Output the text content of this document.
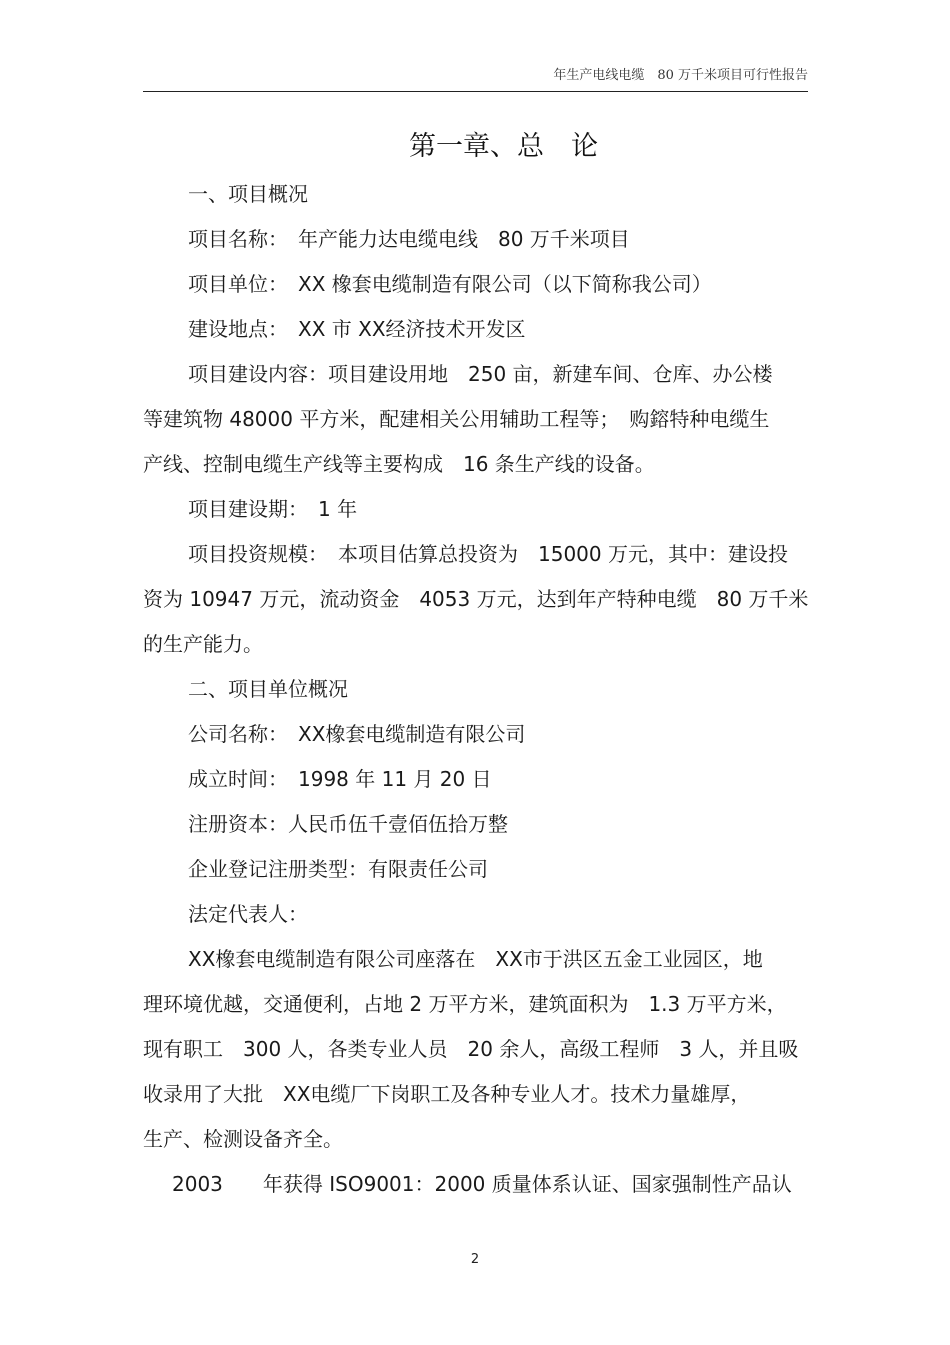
年生产电线电缆　80 万千米项目可行性报告
第一章、总　论
一、项目概况
项目名称：　年产能力达电缆电线　80 万千米项目
项目单位：　XX 橡套电缆制造有限公司（以下简称我公司）
建设地点：　XX 市 XX经济技术开发区
项目建设内容：项目建设用地　250 亩，新建车间、仓库、办公楼
等建筑物 48000 平方米，配建相关公用辅助工程等；　购鎔特种电缆生
产线、控制电缆生产线等主要构成　16 条生产线的设备。
项目建设期：　1 年
项目投资规模：　本项目估算总投资为　15000 万元，其中：建设投
资为 10947 万元，流动资金　4053 万元，达到年产特种电缆　80 万千米
的生产能力。
二、项目单位概况
公司名称：　XX橡套电缆制造有限公司
成立时间：　1998 年 11 月 20 日
注册资本：人民币伍千壹佰伍拾万整
企业登记注册类型：有限责任公司
法定代表人：
XX橡套电缆制造有限公司座落在　XX市于洪区五金工业园区，地
理环境优越，交通便利，占地 2 万平方米，建筑面积为　1.3 万平方米，
现有职工　300 人，各类专业人员　20 余人，高级工程师　3 人，并且吸
收录用了大批　XX电缆厂下岗职工及各种专业人才。技术力量雄厚，
生产、检测设备齐全。
2003　　年获得 ISO9001：2000 质量体系认证、国家强制性产品认
2
